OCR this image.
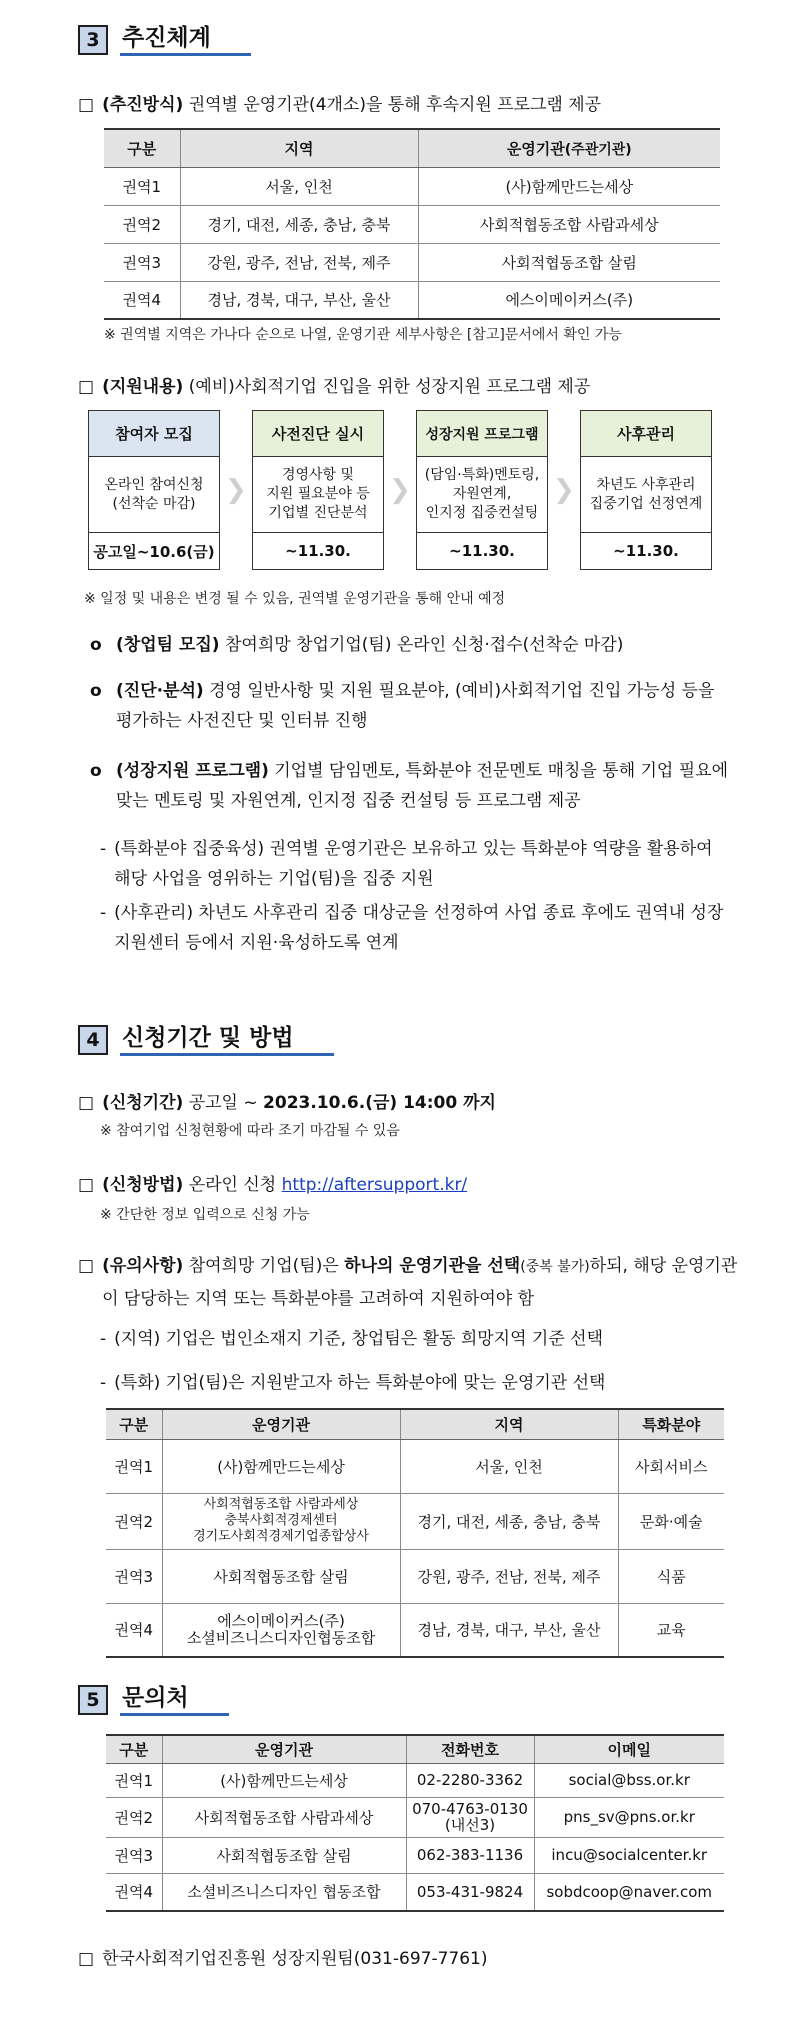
3 추진체계
□ (추진방식) 권역별 운영기관(4개소)을 통해 후속지원 프로그램 제공
구분	지역	운영기관(주관기관)
권역1	서울, 인천	(사)함께만드는세상
권역2	경기, 대전, 세종, 충남, 충북	사회적협동조합 사람과세상
권역3	강원, 광주, 전남, 전북, 제주	사회적협동조합 살림
권역4	경남, 경북, 대구, 부산, 울산	에스이메이커스(주)
※ 권역별 지역은 가나다 순으로 나열, 운영기관 세부사항은 [참고]문서에서 확인 가능
□ (지원내용) (예비)사회적기업 진입을 위한 성장지원 프로그램 제공
참여자 모집
온라인 참여신청
(선착순 마감)
공고일~10.6(금)
❯
사전진단 실시
경영사항 및
지원 필요분야 등
기업별 진단분석
~11.30.
❯
성장지원 프로그램
(담임·특화)멘토링,
자원연계,
인지정 집중컨설팅
~11.30.
❯
사후관리
차년도 사후관리
집중기업 선정연계
~11.30.
※ 일정 및 내용은 변경 될 수 있음, 권역별 운영기관을 통해 안내 예정
ο (창업팀 모집) 참여희망 창업기업(팀) 온라인 신청·접수(선착순 마감)
ο (진단·분석) 경영 일반사항 및 지원 필요분야, (예비)사회적기업 진입 가능성 등을 평가하는 사전진단 및 인터뷰 진행
ο (성장지원 프로그램) 기업별 담임멘토, 특화분야 전문멘토 매칭을 통해 기업 필요에 맞는 멘토링 및 자원연계, 인지정 집중 컨설팅 등 프로그램 제공
- (특화분야 집중육성) 권역별 운영기관은 보유하고 있는 특화분야 역량을 활용하여 해당 사업을 영위하는 기업(팀)을 집중 지원
- (사후관리) 차년도 사후관리 집중 대상군을 선정하여 사업 종료 후에도 권역내 성장지원센터 등에서 지원·육성하도록 연계
4 신청기간 및 방법
□ (신청기간) 공고일 ~ 2023.10.6.(금) 14:00 까지
※ 참여기업 신청현황에 따라 조기 마감될 수 있음
□ (신청방법) 온라인 신청 http://aftersupport.kr/
※ 간단한 정보 입력으로 신청 가능
□ (유의사항) 참여희망 기업(팀)은 하나의 운영기관을 선택(중복 불가)하되, 해당 운영기관이 담당하는 지역 또는 특화분야를 고려하여 지원하여야 함
- (지역) 기업은 법인소재지 기준, 창업팀은 활동 희망지역 기준 선택
- (특화) 기업(팀)은 지원받고자 하는 특화분야에 맞는 운영기관 선택
구분	운영기관	지역	특화분야
권역1	(사)함께만드는세상	서울, 인천	사회서비스
권역2	사회적협동조합 사람과세상
충북사회적경제센터
경기도사회적경제기업종합상사	경기, 대전, 세종, 충남, 충북	문화·예술
권역3	사회적협동조합 살림	강원, 광주, 전남, 전북, 제주	식품
권역4	에스이메이커스(주)
소셜비즈니스디자인협동조합	경남, 경북, 대구, 부산, 울산	교육
5 문의처
구분	운영기관	전화번호	이메일
권역1	(사)함께만드는세상	02-2280-3362	social@bss.or.kr
권역2	사회적협동조합 사람과세상	070-4763-0130
(내선3)	pns_sv@pns.or.kr
권역3	사회적협동조합 살림	062-383-1136	incu@socialcenter.kr
권역4	소셜비즈니스디자인 협동조합	053-431-9824	sobdcoop@naver.com
□ 한국사회적기업진흥원 성장지원팀(031-697-7761)
